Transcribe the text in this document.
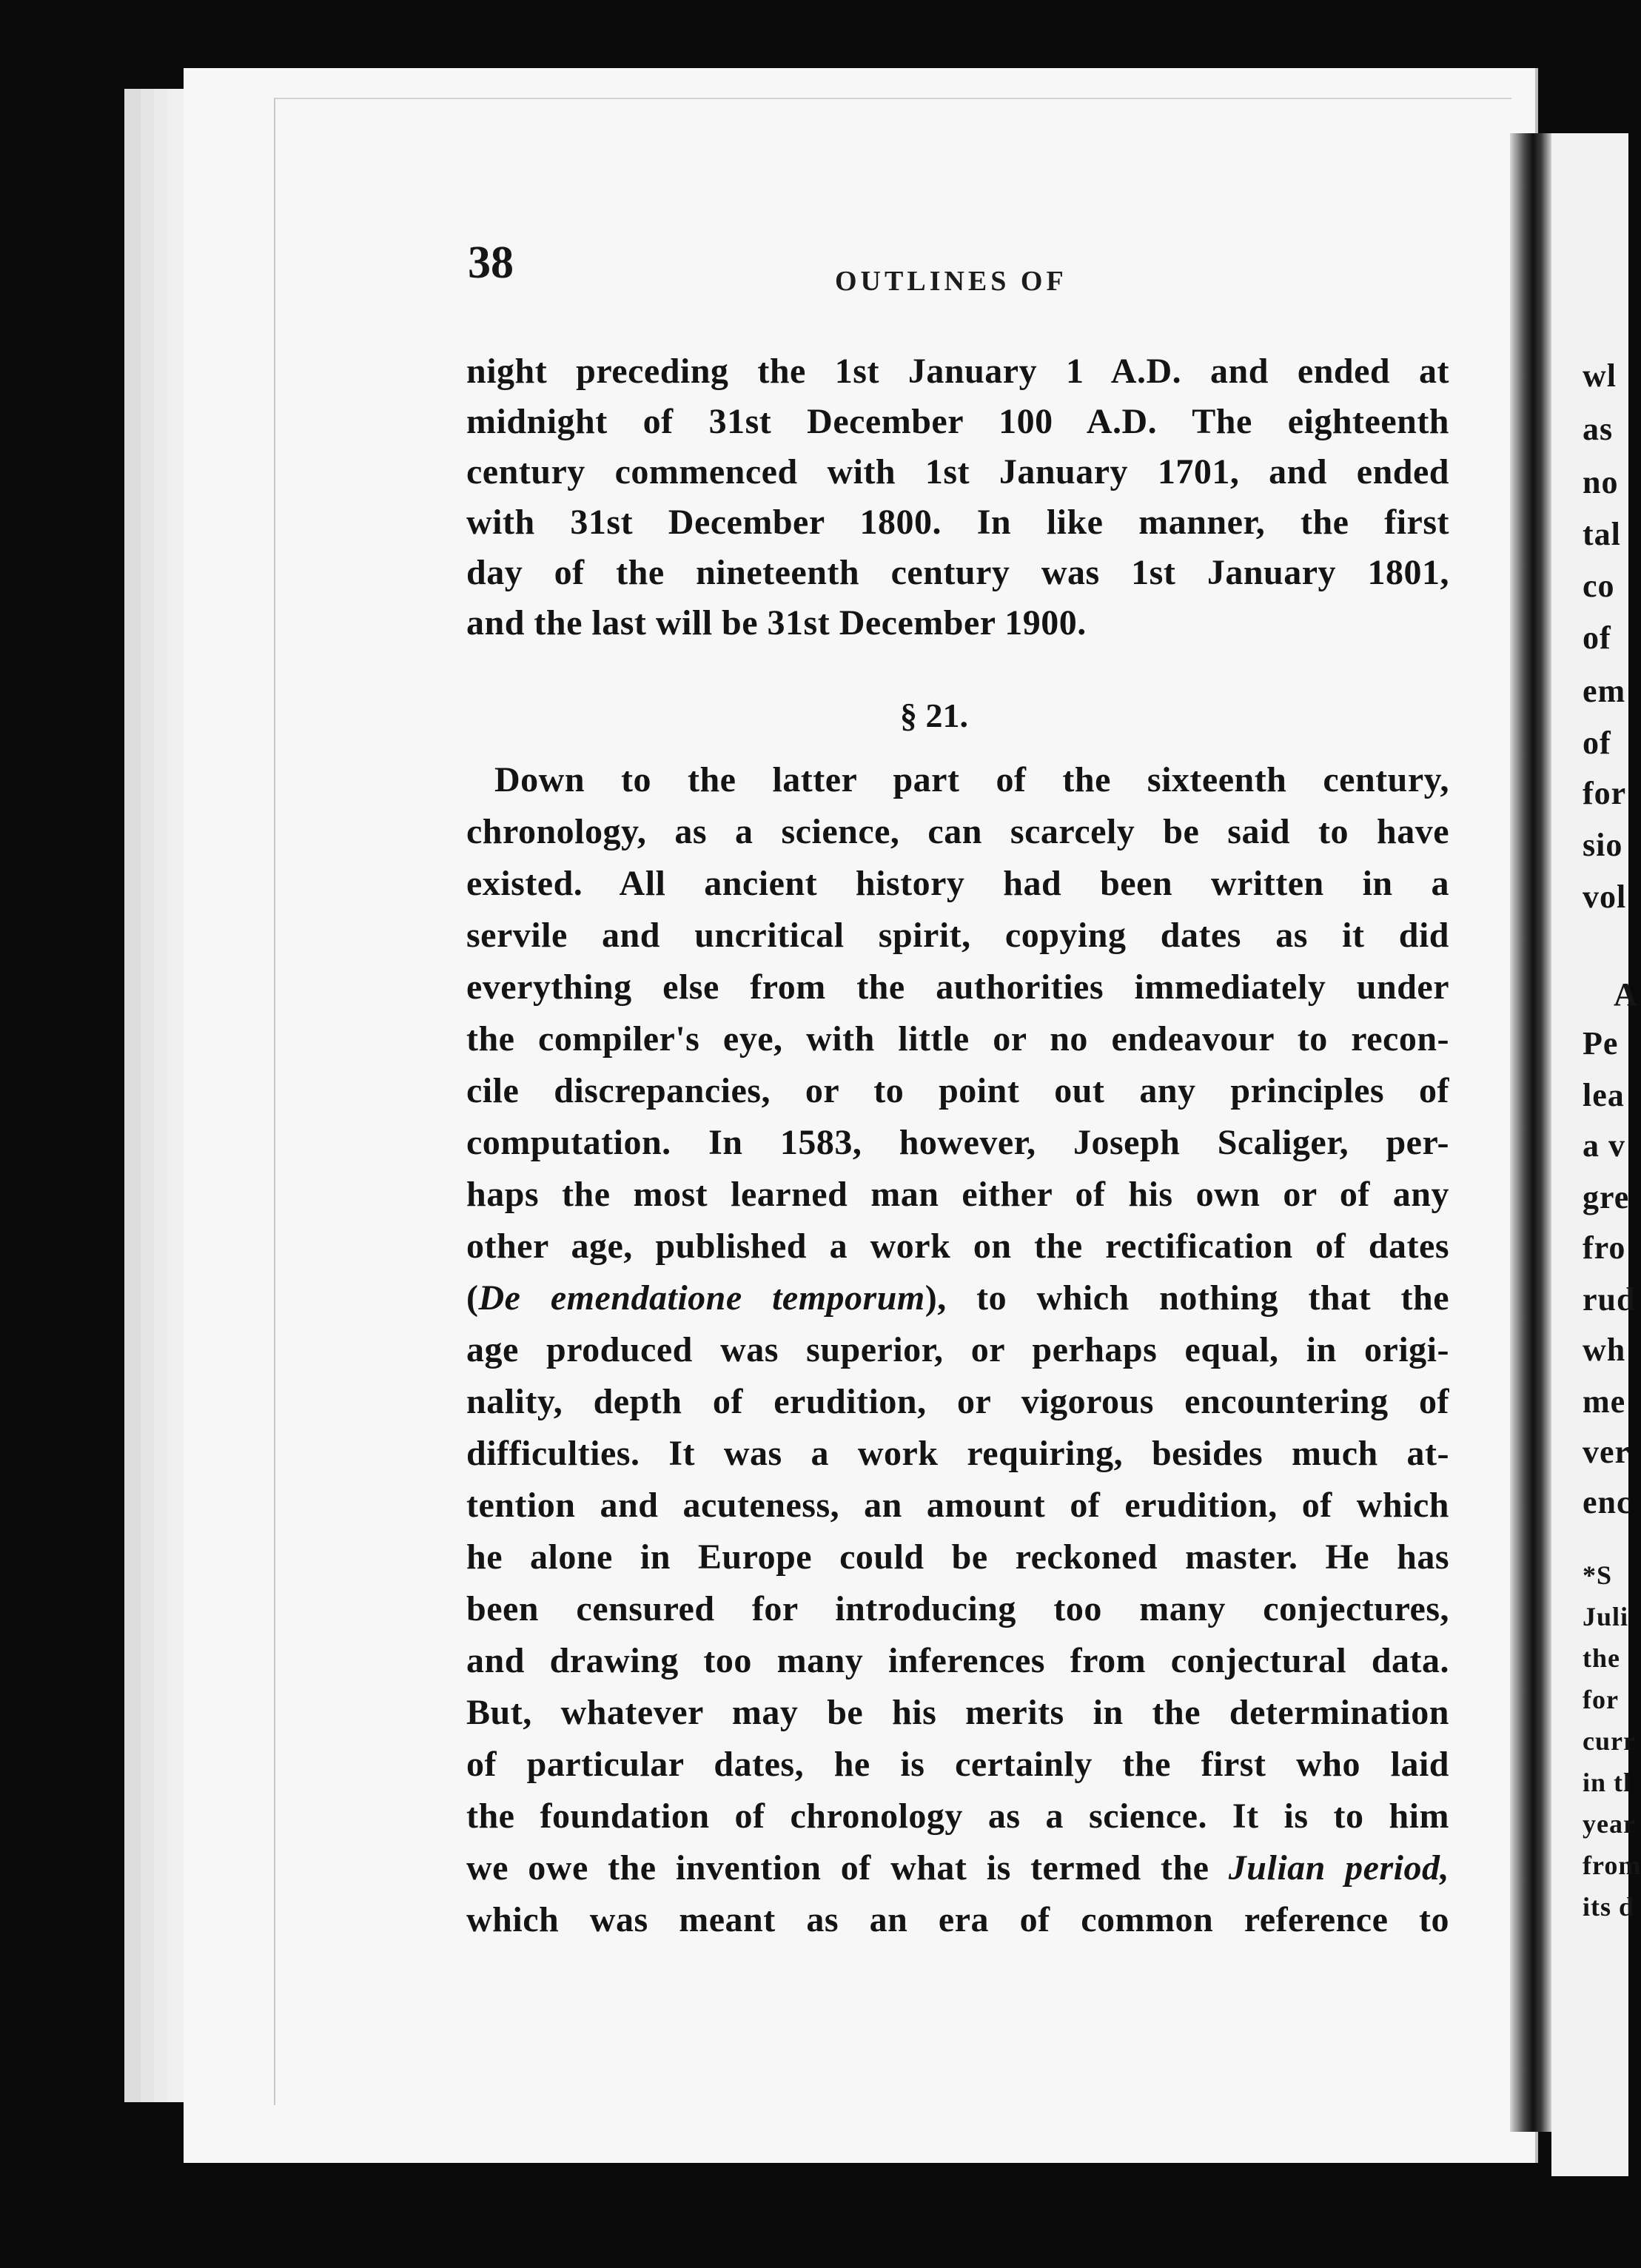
38	OUTLINES OF
night preceding the 1st January 1 A.D. and ended at
midnight of 31st December 100 A.D. The eighteenth
century commenced with 1st January 1701, and ended
with 31st December 1800. In like manner, the first
day of the nineteenth century was 1st January 1801,
and the last will be 31st December 1900.
§ 21.
Down to the latter part of the sixteenth century,
chronology, as a science, can scarcely be said to have
existed. All ancient history had been written in a
servile and uncritical spirit, copying dates as it did
everything else from the authorities immediately under
the compiler's eye, with little or no endeavour to recon-
cile discrepancies, or to point out any principles of
computation. In 1583, however, Joseph Scaliger, per-
haps the most learned man either of his own or of any
other age, published a work on the rectification of dates
(De emendatione temporum), to which nothing that the
age produced was superior, or perhaps equal, in origi-
nality, depth of erudition, or vigorous encountering of
difficulties. It was a work requiring, besides much at-
tention and acuteness, an amount of erudition, of which
he alone in Europe could be reckoned master. He has
been censured for introducing too many conjectures,
and drawing too many inferences from conjectural data.
But, whatever may be his merits in the determination
of particular dates, he is certainly the first who laid
the foundation of chronology as a science. It is to him
we owe the invention of what is termed the Julian period,
which was meant as an era of common reference to
wl
as
no
tal
co
of
em
of
for
sio
vol
A
Pe
lea
a v
gre
fro
rud
wh
me
ver
enc
*S
Juli
the
for
curr
in tl
year
from
its d
